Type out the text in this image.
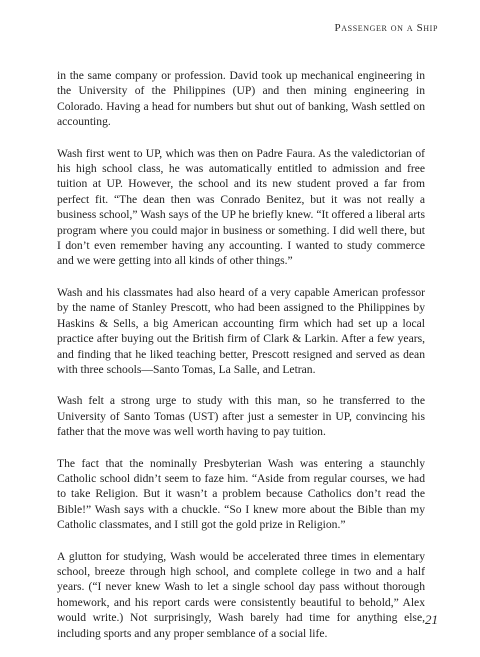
Passenger on a Ship

in the same company or profession. David took up mechanical engineering in the University of the Philippines (UP) and then mining engineering in Colorado. Having a head for numbers but shut out of banking, Wash settled on accounting.

Wash first went to UP, which was then on Padre Faura. As the valedictorian of his high school class, he was automatically entitled to admission and free tuition at UP. However, the school and its new student proved a far from perfect fit. “The dean then was Conrado Benitez, but it was not really a business school,” Wash says of the UP he briefly knew. “It offered a liberal arts program where you could major in business or something. I did well there, but I don’t even remember having any accounting. I wanted to study commerce and we were getting into all kinds of other things.”

Wash and his classmates had also heard of a very capable American professor by the name of Stanley Prescott, who had been assigned to the Philippines by Haskins & Sells, a big American accounting firm which had set up a local practice after buying out the British firm of Clark & Larkin. After a few years, and finding that he liked teaching better, Prescott resigned and served as dean with three schools—Santo Tomas, La Salle, and Letran.

Wash felt a strong urge to study with this man, so he transferred to the University of Santo Tomas (UST) after just a semester in UP, convincing his father that the move was well worth having to pay tuition.

The fact that the nominally Presbyterian Wash was entering a staunchly Catholic school didn’t seem to faze him. “Aside from regular courses, we had to take Religion. But it wasn’t a problem because Catholics don’t read the Bible!” Wash says with a chuckle. “So I knew more about the Bible than my Catholic classmates, and I still got the gold prize in Religion.”

A glutton for studying, Wash would be accelerated three times in elementary school, breeze through high school, and complete college in two and a half years. (“I never knew Wash to let a single school day pass without thorough homework, and his report cards were consistently beautiful to behold,” Alex would write.) Not surprisingly, Wash barely had time for anything else, including sports and any proper semblance of a social life.

21
